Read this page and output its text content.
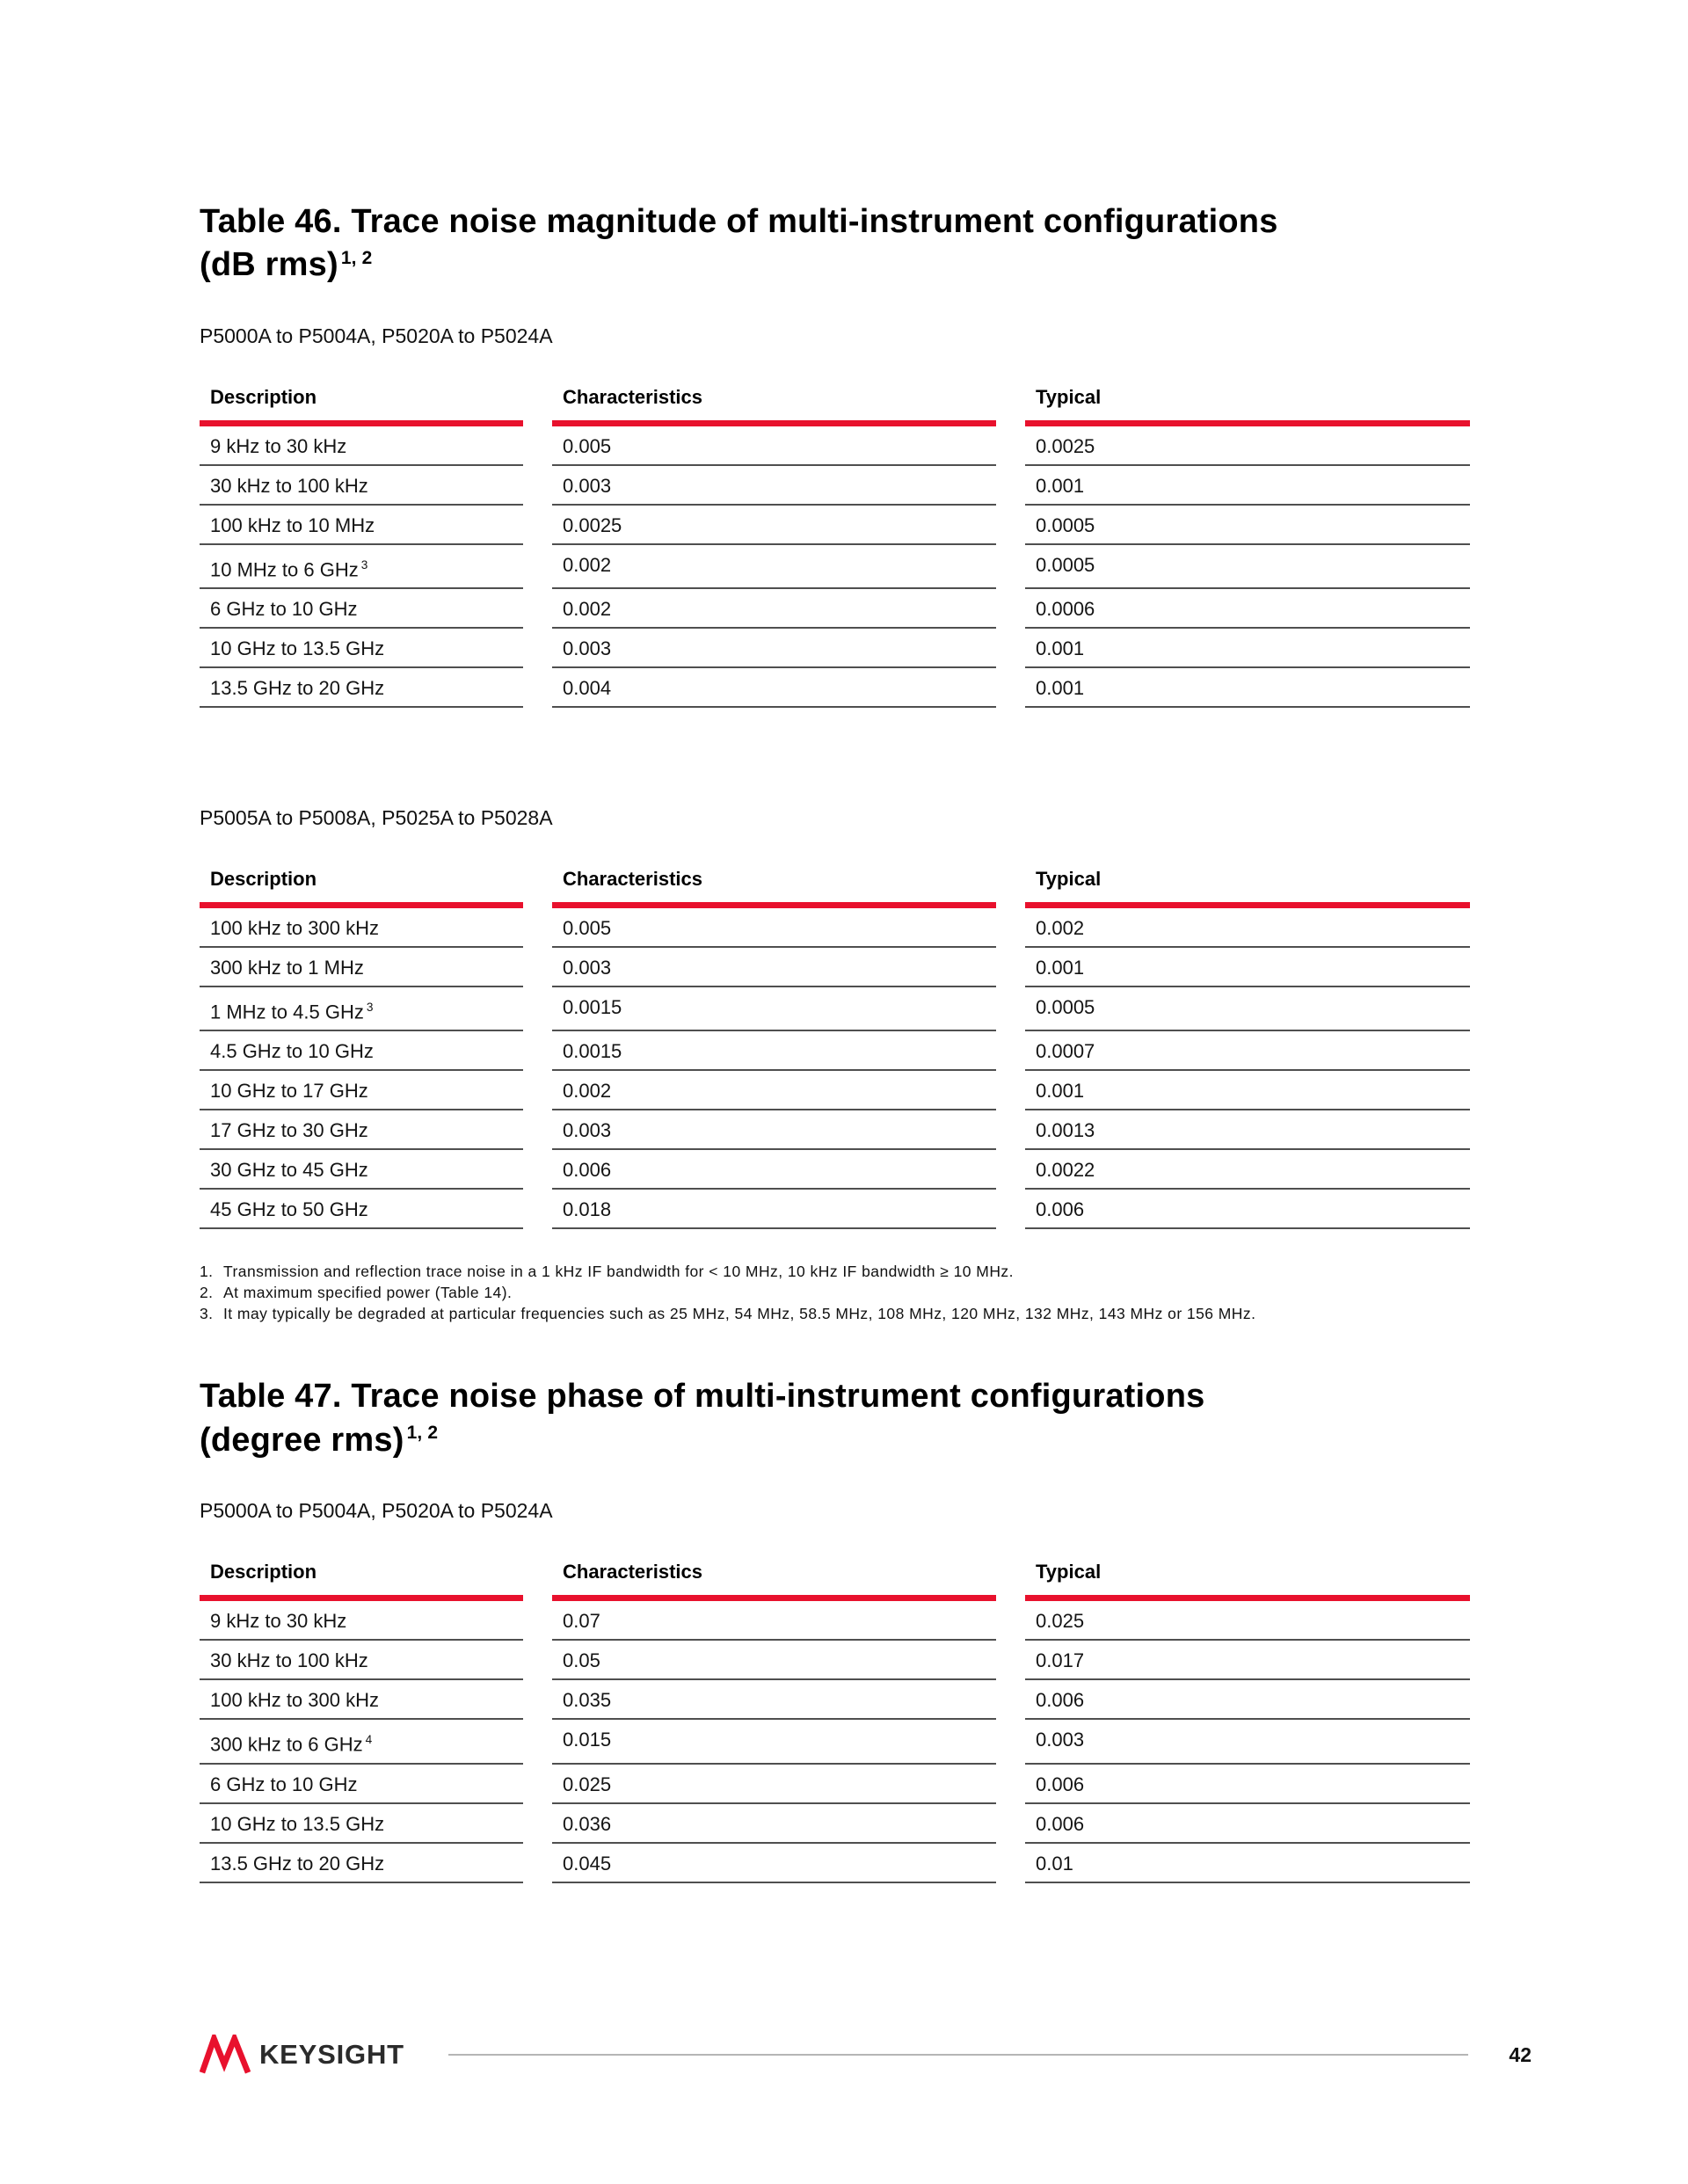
Table 46. Trace noise magnitude of multi-instrument configurations
(dB rms) $^{1, 2}$

P5000A to P5004A, P5020A to P5024A

Description	Characteristics	Typical
9 kHz to 30 kHz	0.005	0.0025
30 kHz to 100 kHz	0.003	0.001
100 kHz to 10 MHz	0.0025	0.0005
10 MHz to 6 GHz $^3$	0.002	0.0005
6 GHz to 10 GHz	0.002	0.0006
10 GHz to 13.5 GHz	0.003	0.001
13.5 GHz to 20 GHz	0.004	0.001

P5005A to P5008A, P5025A to P5028A

Description	Characteristics	Typical
100 kHz to 300 kHz	0.005	0.002
300 kHz to 1 MHz	0.003	0.001
1 MHz to 4.5 GHz $^3$	0.0015	0.0005
4.5 GHz to 10 GHz	0.0015	0.0007
10 GHz to 17 GHz	0.002	0.001
17 GHz to 30 GHz	0.003	0.0013
30 GHz to 45 GHz	0.006	0.0022
45 GHz to 50 GHz	0.018	0.006
1. Transmission and reflection trace noise in a 1 kHz IF bandwidth for < 10 MHz, 10 kHz IF bandwidth ≥ 10 MHz.
2. At maximum specified power (Table 14).
3. It may typically be degraded at particular frequencies such as 25 MHz, 54 MHz, 58.5 MHz, 108 MHz, 120 MHz, 132 MHz, 143 MHz or 156 MHz.
Table 47. Trace noise phase of multi-instrument configurations
(degree rms) $^{1, 2}$

P5000A to P5004A, P5020A to P5024A

Description	Characteristics	Typical
9 kHz to 30 kHz	0.07	0.025
30 kHz to 100 kHz	0.05	0.017
100 kHz to 300 kHz	0.035	0.006
300 kHz to 6 GHz $^4$	0.015	0.003
6 GHz to 10 GHz	0.025	0.006
10 GHz to 13.5 GHz	0.036	0.006
13.5 GHz to 20 GHz	0.045	0.01
KEYSIGHT	42
